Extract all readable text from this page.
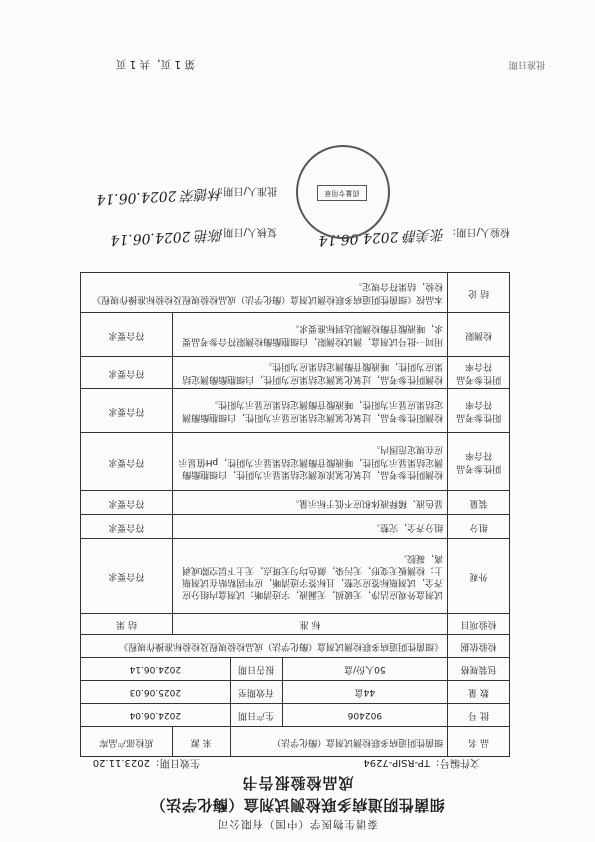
泰谱生物医学（中国）有限公司
细菌性阴道病多联检测试剂盒（酶化学法）
成品检验报告书
文件编号：TP-RSIP-7294
生效日期：2023.11.20
品 名	细菌性阴道病多联检测试剂盒（酶化学法）		来 源	质检部产品库
批 号	902406	生产日期	2024.06.04	
数 量	44盒	有效期至	2025.06.03	
包装规格	50人份/盒	报告日期	2024.06.14	
检验依据	《细菌性阴道病多联检测试剂盒（酶化学法）成品检验规程及检验标准操作规程》			
检验项目	标 准			结 果
外观	试剂盒外观应洁净，无破损，无漏液，字迹清晰；试剂盒内组分应齐全，试剂瓶标签应完整，且标签字迹清晰，应牢固粘贴在试剂瓶上；检测板无变形，无污染，颜色均匀无斑点，无上下层空隙或剥离，凝胶。			符合要求
组分	组分齐全，完整。			符合要求
装量	显色液、稀释液体积应不低于标示量。			符合要求
阴性参考品符合率	检测阴性参考品，过氧化氢浓度测定结果显示为阴性，白细胞酯酶测定结果显示为阴性，唾液酸苷酶测定结果显示为阴性，pH值显示应在规定范围内。			符合要求
阳性参考品符合率	检测阳性参考品，过氧化氢测定结果应显示为阳性，白细胞酯酶测定结果应显示为阳性，唾液酸苷酶测定结果应显示为阳性。			符合要求
阴性参考品符合率	检测阴性参考品，过氧化氢测定结果应为阴性，白细胞酯酶测定结果应为阴性，唾液酸苷酶测定结果应为阴性。			符合要求
检测限	用同一批号试剂盒，测试检测限，白细胞酯酶检测限符合参考品要求，唾液酸苷酶检测限达到标准要求。			符合要求
结 论	本品按《细菌性阴道病多联检测试剂盒（酶化学法）成品检验规程及检验标准操作规程》检验，结果符合规定。			
检验人/日期：
张美静 2024.06.14
复核人/日期：
陈艳 2024.06.14
批准人/日期：
林德荣 2024.06.14	质量专用章
第 1 页，共 1 页	批准日期
